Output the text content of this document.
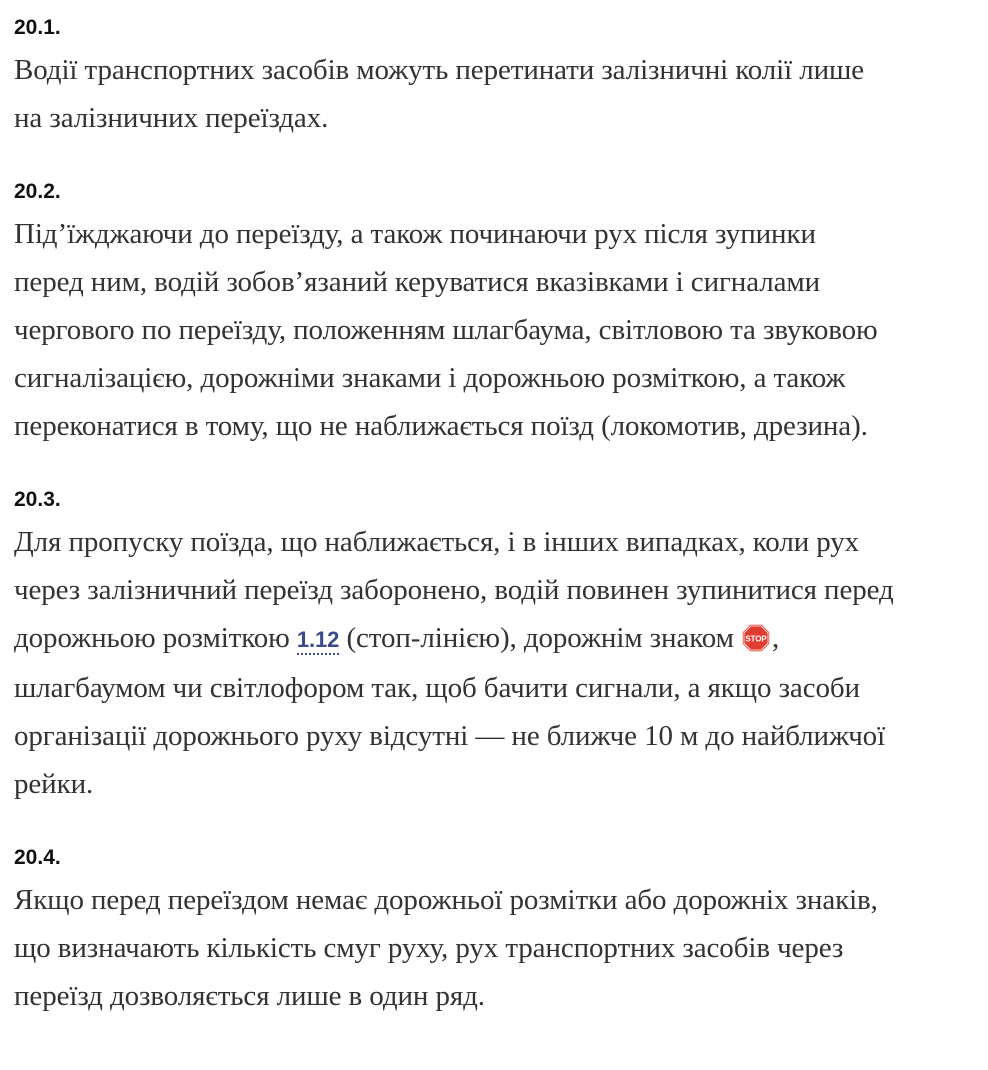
20.1.

Водії транспортних засобів можуть перетинати залізничні колії лише
на залізничних переїздах.

20.2.

Під’їжджаючи до переїзду, а також починаючи рух після зупинки
перед ним, водій зобов’язаний керуватися вказівками і сигналами
чергового по переїзду, положенням шлагбаума, світловою та звуковою
сигналізацією, дорожніми знаками і дорожньою розміткою, а також
переконатися в тому, що не наближається поїзд (локомотив, дрезина).

20.3.

Для пропуску поїзда, що наближається, і в інших випадках, коли рух
через залізничний переїзд заборонено, водій повинен зупинитися перед
дорожньою розміткою 1.12 (стоп-лінією), дорожнім знаком STOP ,
шлагбаумом чи світлофором так, щоб бачити сигнали, а якщо засоби
організації дорожнього руху відсутні — не ближче 10 м до найближчої
рейки.

20.4.

Якщо перед переїздом немає дорожньої розмітки або дорожніх знаків,
що визначають кількість смуг руху, рух транспортних засобів через
переїзд дозволяється лише в один ряд.
